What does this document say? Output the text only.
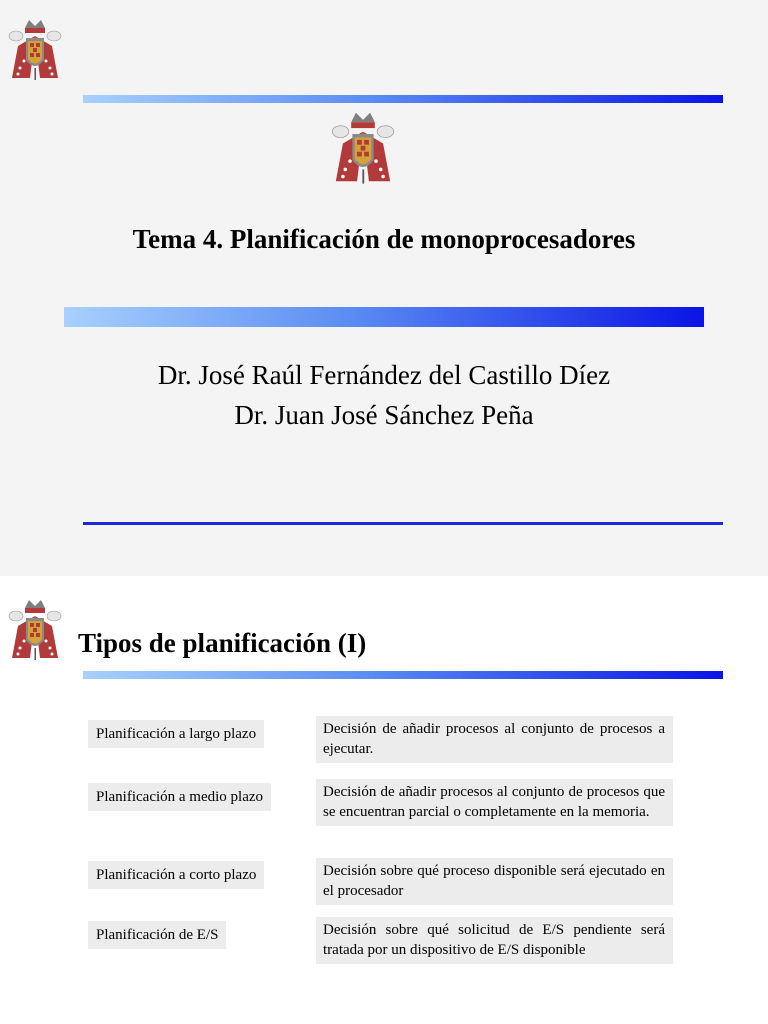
Tema 4. Planificación de monoprocesadores
Dr. José Raúl Fernández del Castillo Díez
Dr. Juan José Sánchez Peña
Tipos de planificación (I)
Planificación a largo plazo	Decisión de añadir procesos al conjunto de procesos a ejecutar.
Planificación a medio plazo	Decisión de añadir procesos al conjunto de procesos que se encuentran parcial o completamente en la memoria.
Planificación a corto plazo	Decisión sobre qué proceso disponible será ejecutado en el procesador
Planificación de E/S	Decisión sobre qué solicitud de E/S pendiente será tratada por un dispositivo de E/S disponible
